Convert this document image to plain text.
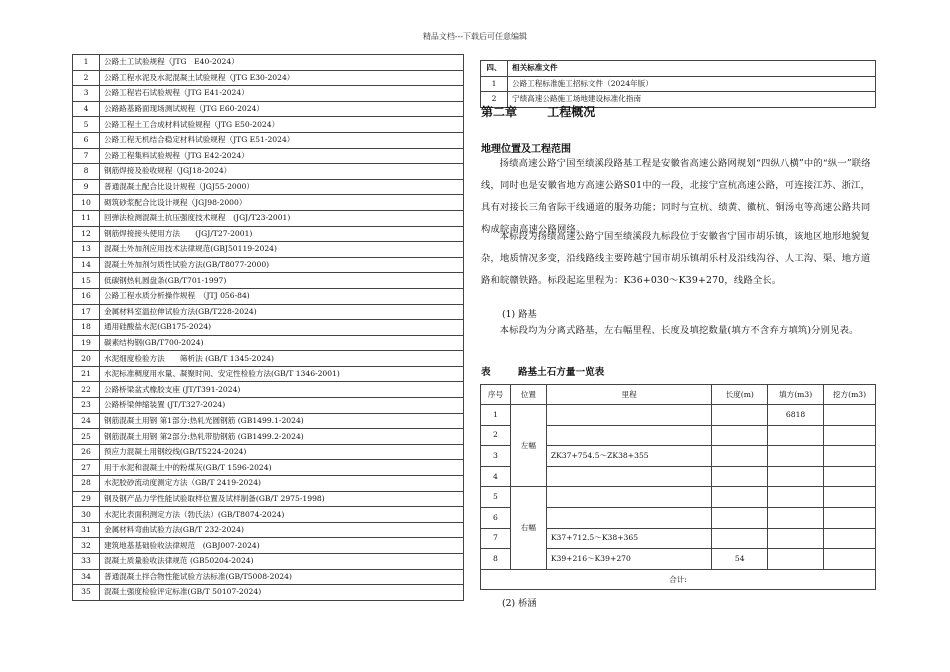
精品文档---下载后可任意编辑
1	公路土工试验规程（JTG　E40-2024）
2	公路工程水泥及水泥混凝土试验规程（JTG E30-2024）
3	公路工程岩石试验规程（JTG E41-2024）
4	公路路基路面现场测试规程（JTG E60-2024）
5	公路工程土工合成材料试验规程（JTG E50-2024）
6	公路工程无机结合稳定材料试验规程（JTG E51-2024）
7	公路工程集料试验规程（JTG E42-2024）
8	钢筋焊接及验收规程（JGJ18-2024）
9	普通混凝土配合比设计规程（JGJ55-2000）
10	砌筑砂浆配合比设计规程（JGJ98-2000）
11	回弹法检测混凝土抗压强度技术规程　(JGJ/T23-2001)
12	钢筋焊接接头使用方法　　(JGJ/T27-2001)
13	混凝土外加剂应用技术法律规范(GBJ50119-2024)
14	混凝土外加剂匀质性试验方法(GB/T8077-2000)
15	低碳钢热轧圆盘条(GB/T701-1997)
16	公路工程水质分析操作规程　（JTJ 056-84)
17	金属材料室温拉伸试验方法(GB/T228-2024)
18	通用硅酸盐水泥(GB175-2024)
19	碳素结构钢(GB/T700-2024)
20	水泥细度检验方法　　筛析法 (GB/T 1345-2024)
21	水泥标准稠度用水量、凝聚时间、安定性检验方法(GB/T 1346-2001)
22	公路桥梁盆式橡胶支座 (JT/T391-2024)
23	公路桥梁伸缩装置 (JT/T327-2024)
24	钢筋混凝土用钢 第1部分:热轧光圆钢筋 (GB1499.1-2024)
25	钢筋混凝土用钢 第2部分:热轧带肋钢筋 (GB1499.2-2024)
26	预应力混凝土用钢绞线(GB/T5224-2024)
27	用于水泥和混凝土中的粉煤灰(GB/T 1596-2024)
28	水泥胶砂流动度测定方法（GB/T 2419-2024)
29	钢及钢产品力学性能试验取样位置及试样制备(GB/T 2975-1998)
30	水泥比表面积测定方法（勃氏法）(GB/T8074-2024)
31	金属材料弯曲试验方法(GB/T 232-2024)
32	建筑地基基础验收法律规范　(GBJ007-2024)
33	混凝土质量验收法律规范 (GB50204-2024)
34	普通混凝土拌合物性能试验方法标准(GB/T5008-2024)
35	混凝土强度检验评定标准(GB/T 50107-2024)
四、	相关标准文件
1	公路工程标准施工招标文件（2024年版）
2	宁绩高速公路施工场地建设标准化指南
第二章	工程概况
地理位置及工程范围

扬绩高速公路宁国至绩溪段路基工程是安徽省高速公路网规划“四纵八横”中的“纵一”联络线，同时也是安徽省地方高速公路S01中的一段，北接宁宣杭高速公路，可连接江苏、浙江，具有对接长三角省际干线通道的服务功能；同时与宣杭、绩黄、徽杭、铜汤屯等高速公路共同构成皖南高速公路网络。

本标段为扬绩高速公路宁国至绩溪段九标段位于安徽省宁国市胡乐镇，该地区地形地貌复杂，地质情况多变，沿线路线主要跨越宁国市胡乐镇胡乐村及沿线沟谷、人工沟、渠、地方道路和皖赣铁路。标段起迄里程为：K36+030～K39+270，线路全长。

(1) 路基

本标段均为分离式路基，左右幅里程、长度及填挖数量(填方不含弃方填筑)分别见表。

表	路基土石方量一览表
序号	位置	里程	长度(m)	填方(m3)	挖方(m3)
1	左幅			6818	
2					
3		ZK37+754.5～ZK38+355			
4					
5	右幅				
6					
7		K37+712.5～K38+365			
8		K39+216～K39+270	54		
合计:					
(2) 桥涵
